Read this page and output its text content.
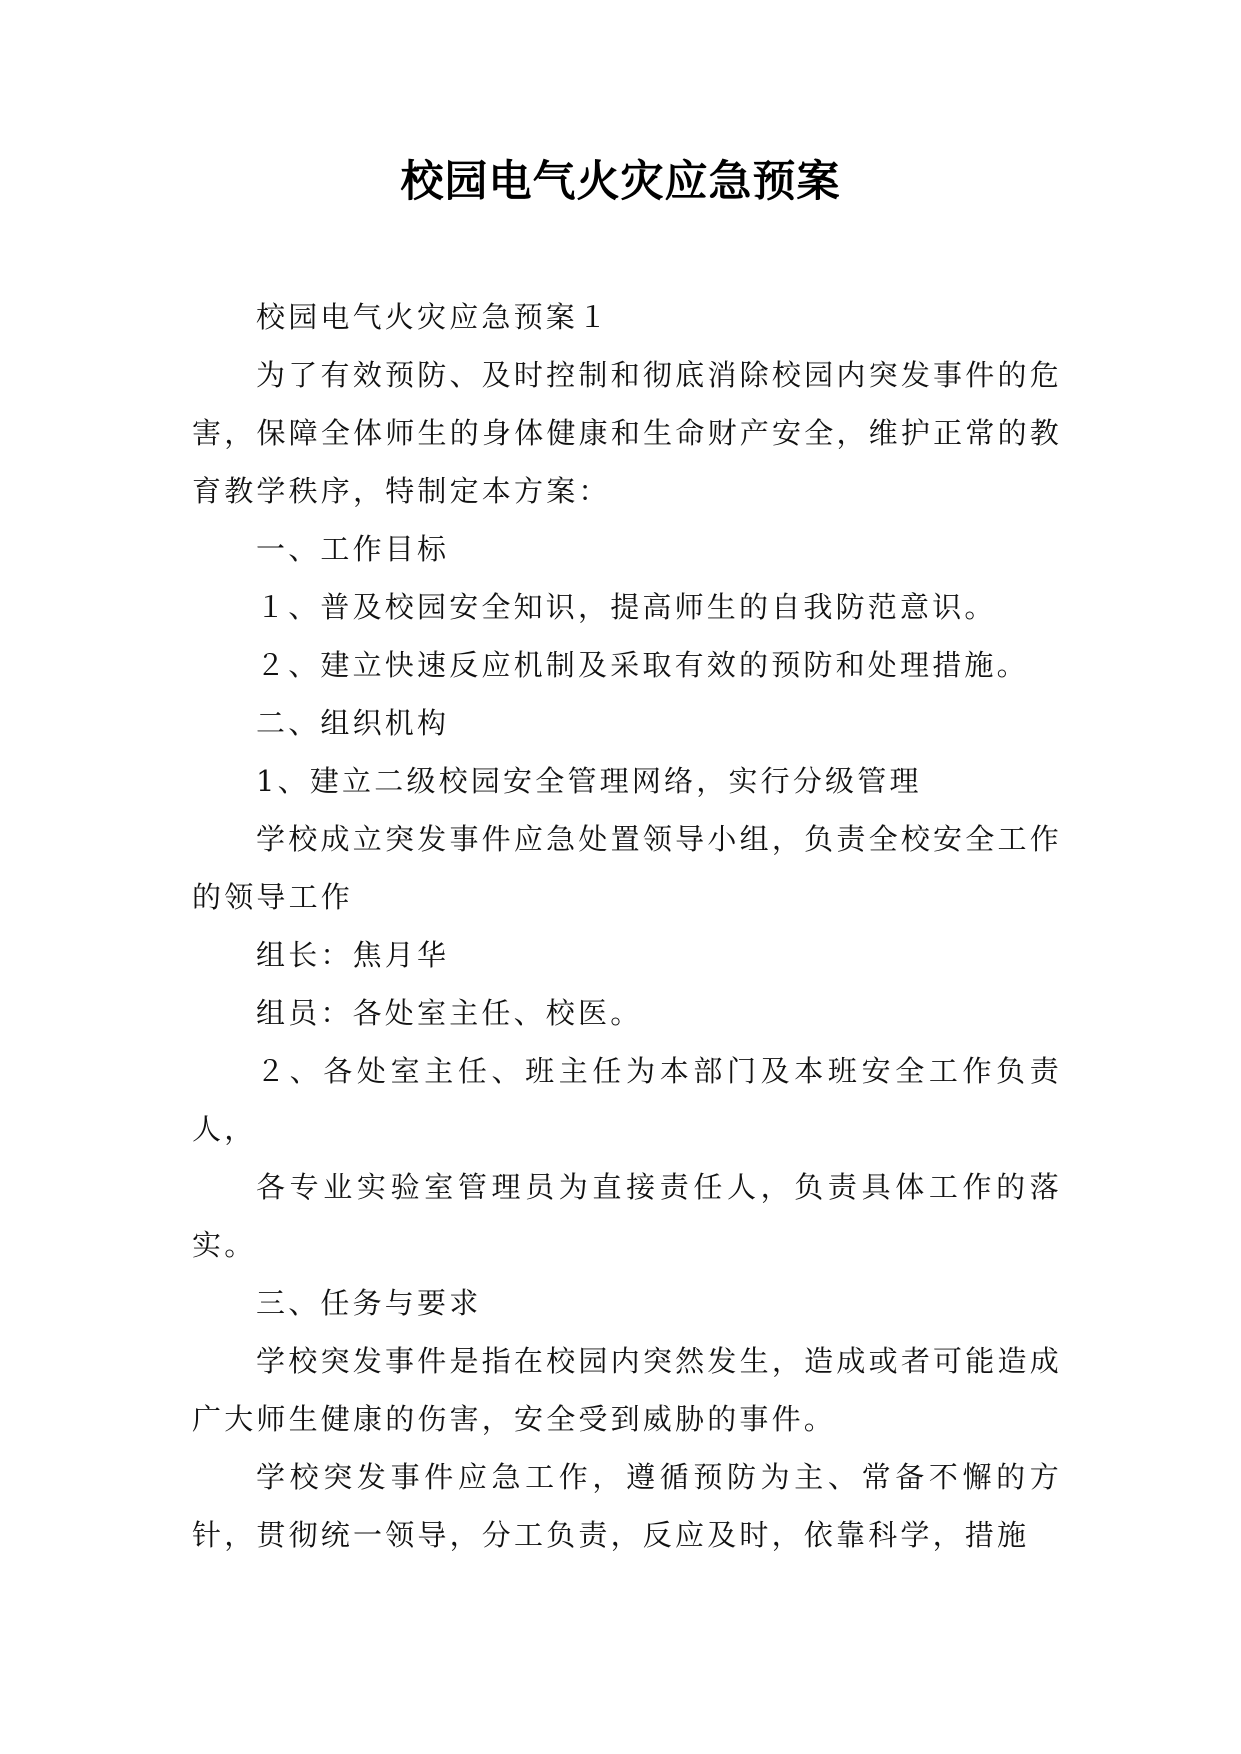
校园电气火灾应急预案

校园电气火灾应急预案１

为了有效预防、及时控制和彻底消除校园内突发事件的危害，保障全体师生的身体健康和生命财产安全，维护正常的教育教学秩序，特制定本方案：

一、工作目标

１、普及校园安全知识，提高师生的自我防范意识。

２、建立快速反应机制及采取有效的预防和处理措施。

二、组织机构

1、建立二级校园安全管理网络，实行分级管理

学校成立突发事件应急处置领导小组，负责全校安全工作的领导工作

组长：焦月华

组员：各处室主任、校医。

２、各处室主任、班主任为本部门及本班安全工作负责人，

各专业实验室管理员为直接责任人，负责具体工作的落实。

三、任务与要求

学校突发事件是指在校园内突然发生，造成或者可能造成广大师生健康的伤害，安全受到威胁的事件。

学校突发事件应急工作，遵循预防为主、常备不懈的方针，贯彻统一领导，分工负责，反应及时，依靠科学，措施
